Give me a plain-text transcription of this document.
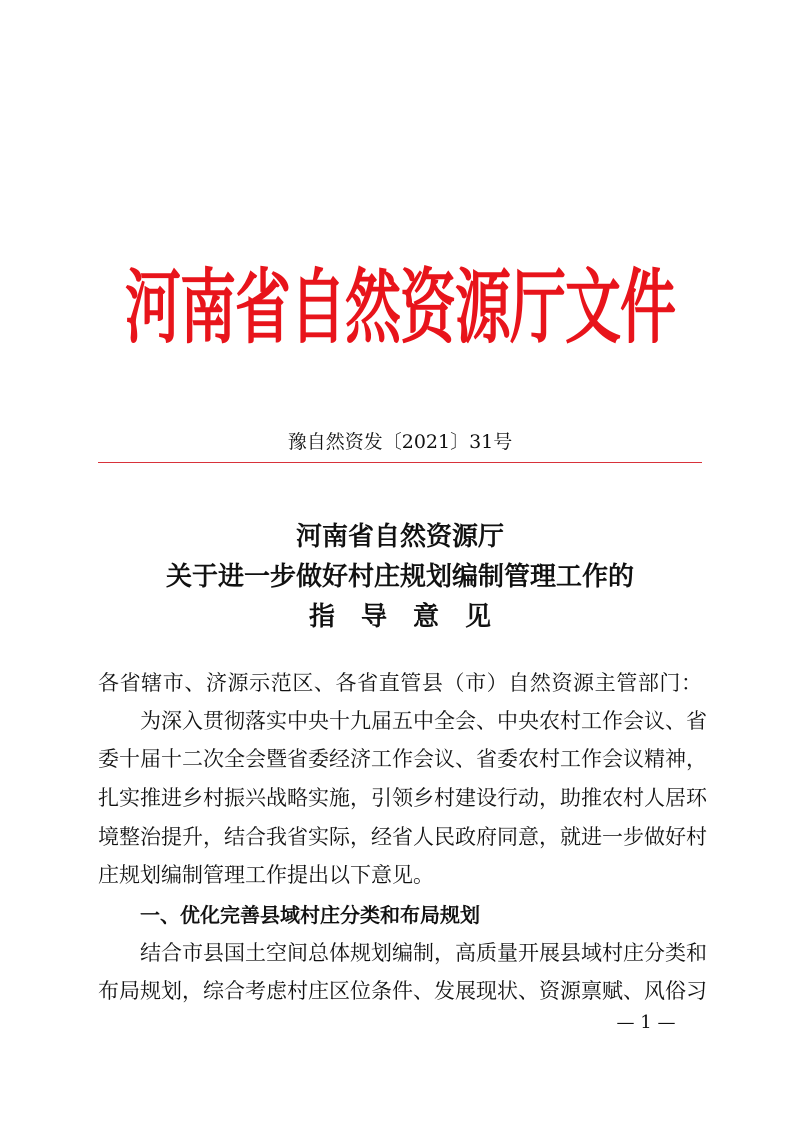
河南省自然资源厅文件
豫自然资发〔2021〕31号
河南省自然资源厅
关于进一步做好村庄规划编制管理工作的
指　导　意　见
各省辖市、济源示范区、各省直管县（市）自然资源主管部门：
为深入贯彻落实中央十九届五中全会、中央农村工作会议、省
委十届十二次全会暨省委经济工作会议、省委农村工作会议精神，
扎实推进乡村振兴战略实施，引领乡村建设行动，助推农村人居环
境整治提升，结合我省实际，经省人民政府同意，就进一步做好村
庄规划编制管理工作提出以下意见。
一、优化完善县域村庄分类和布局规划
结合市县国土空间总体规划编制，高质量开展县域村庄分类和
布局规划，综合考虑村庄区位条件、发展现状、资源禀赋、风俗习
— 1 —
